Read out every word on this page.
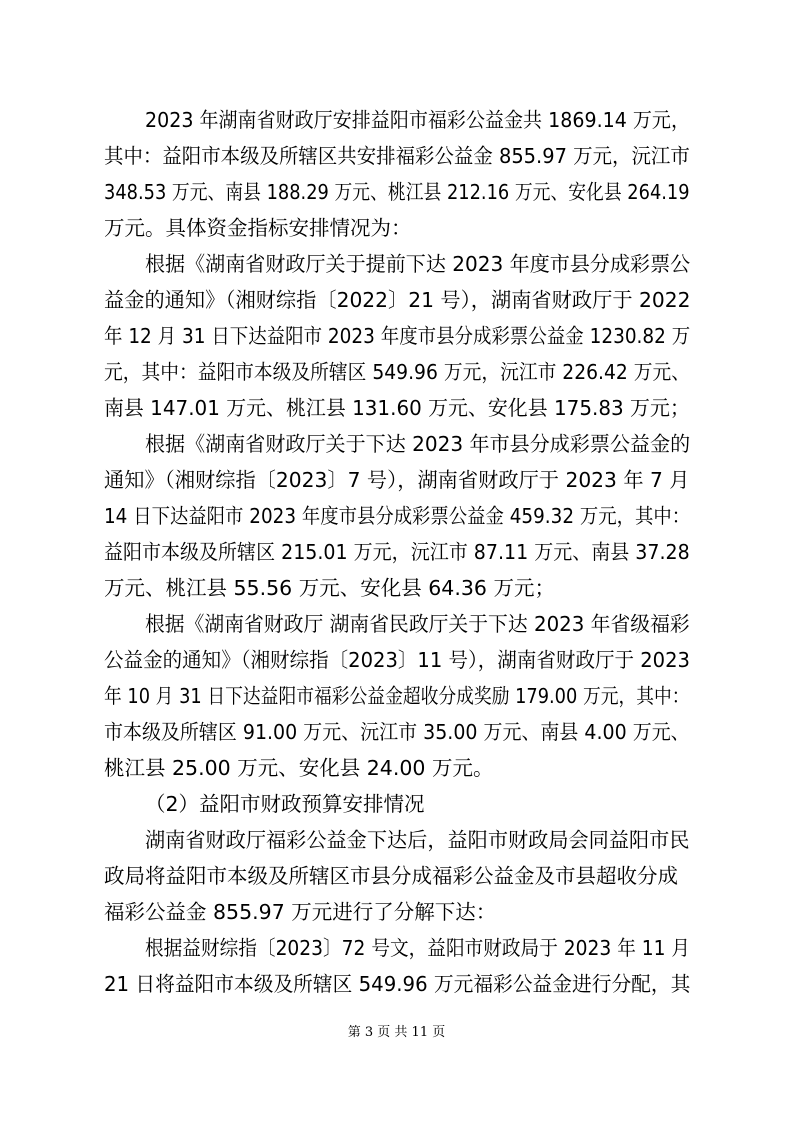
2023 年湖南省财政厅安排益阳市福彩公益金共 1869.14 万元，
其中：益阳市本级及所辖区共安排福彩公益金 855.97 万元，沅江市
348.53 万元、南县 188.29 万元、桃江县 212.16 万元、安化县 264.19
万元。具体资金指标安排情况为：
根据《湖南省财政厅关于提前下达 2023 年度市县分成彩票公
益金的通知》（湘财综指〔2022〕21 号），湖南省财政厅于 2022
年 12 月 31 日下达益阳市 2023 年度市县分成彩票公益金 1230.82 万
元，其中：益阳市本级及所辖区 549.96 万元，沅江市 226.42 万元、
南县 147.01 万元、桃江县 131.60 万元、安化县 175.83 万元；
根据《湖南省财政厅关于下达 2023 年市县分成彩票公益金的
通知》（湘财综指〔2023〕7 号），湖南省财政厅于 2023 年 7 月
14 日下达益阳市 2023 年度市县分成彩票公益金 459.32 万元，其中：
益阳市本级及所辖区 215.01 万元，沅江市 87.11 万元、南县 37.28
万元、桃江县 55.56 万元、安化县 64.36 万元；
根据《湖南省财政厅 湖南省民政厅关于下达 2023 年省级福彩
公益金的通知》（湘财综指〔2023〕11 号），湖南省财政厅于 2023
年 10 月 31 日下达益阳市福彩公益金超收分成奖励 179.00 万元，其中：
市本级及所辖区 91.00 万元、沅江市 35.00 万元、南县 4.00 万元、
桃江县 25.00 万元、安化县 24.00 万元。
（2）益阳市财政预算安排情况
湖南省财政厅福彩公益金下达后，益阳市财政局会同益阳市民
政局将益阳市本级及所辖区市县分成福彩公益金及市县超收分成
福彩公益金 855.97 万元进行了分解下达：
根据益财综指〔2023〕72 号文，益阳市财政局于 2023 年 11 月
21 日将益阳市本级及所辖区 549.96 万元福彩公益金进行分配，其
第 3 页 共 11 页
